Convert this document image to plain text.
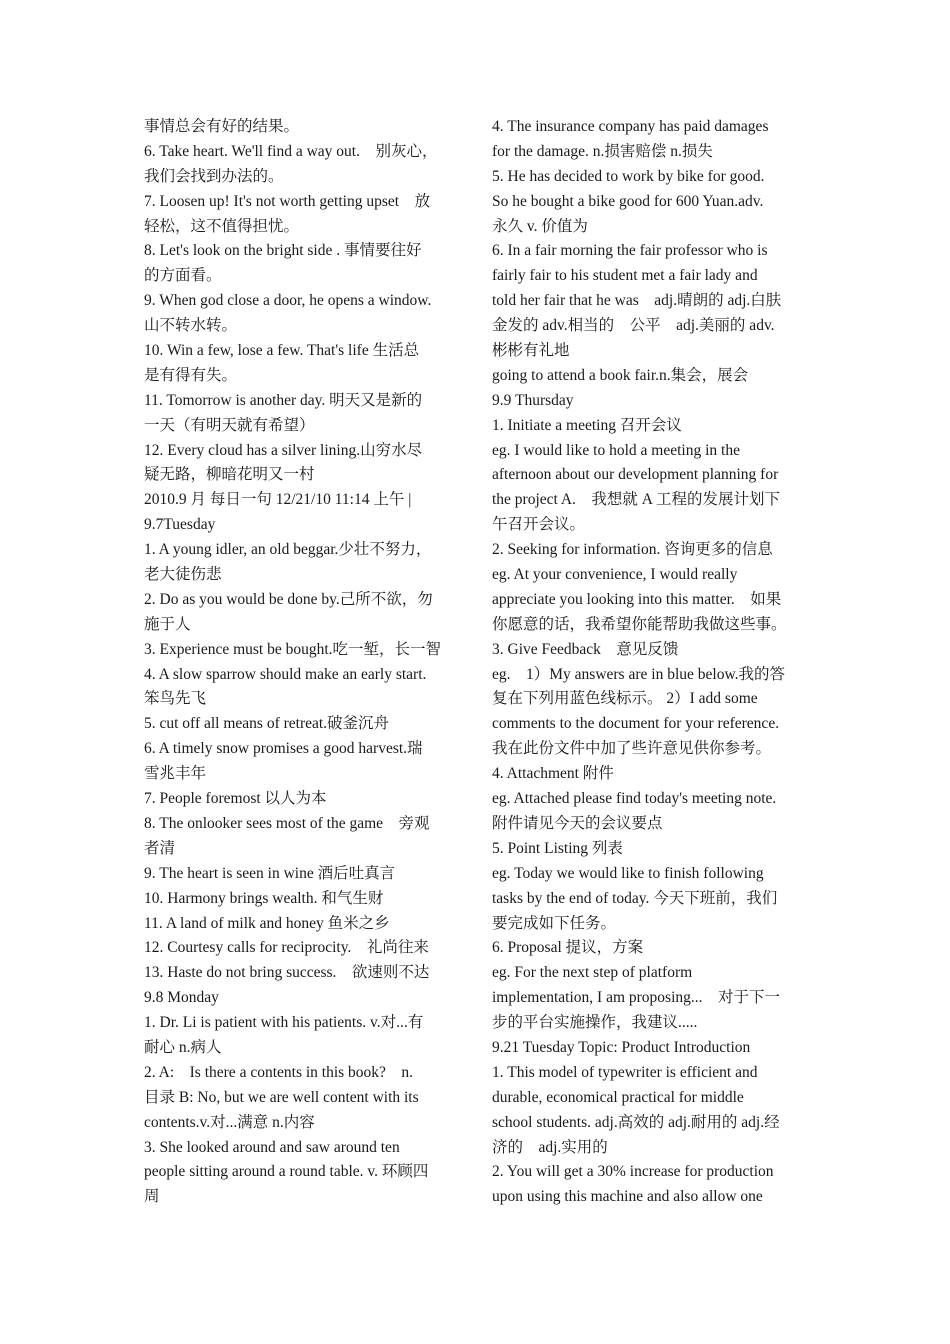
事情总会有好的结果。
6. Take heart. We'll find a way out.　别灰心，
我们会找到办法的。
7. Loosen up! It's not worth getting upset　放
轻松，这不值得担忧。
8. Let's look on the bright side . 事情要往好
的方面看。
9. When god close a door, he opens a window.
山不转水转。
10. Win a few, lose a few. That's life 生活总
是有得有失。
11. Tomorrow is another day. 明天又是新的
一天（有明天就有希望）
12. Every cloud has a silver lining.山穷水尽
疑无路，柳暗花明又一村
2010.9 月 每日一句 12/21/10 11:14 上午 |
9.7Tuesday
1. A young idler, an old beggar.少壮不努力，
老大徒伤悲
2. Do as you would be done by.己所不欲，勿
施于人
3. Experience must be bought.吃一堑，长一智
4. A slow sparrow should make an early start.
笨鸟先飞
5. cut off all means of retreat.破釜沉舟
6. A timely snow promises a good harvest.瑞
雪兆丰年
7. People foremost 以人为本
8. The onlooker sees most of the game　旁观
者清
9. The heart is seen in wine 酒后吐真言
10. Harmony brings wealth. 和气生财
11. A land of milk and honey 鱼米之乡
12. Courtesy calls for reciprocity.　礼尚往来
13. Haste do not bring success.　欲速则不达
9.8 Monday
1. Dr. Li is patient with his patients. v.对...有
耐心 n.病人
2. A:　Is there a contents in this book?　n.
目录 B: No, but we are well content with its
contents.v.对...满意 n.内容
3. She looked around and saw around ten
people sitting around a round table. v. 环顾四
周
4. The insurance company has paid damages
for the damage. n.损害赔偿 n.损失
5. He has decided to work by bike for good.
So he bought a bike good for 600 Yuan.adv.
永久 v. 价值为
6. In a fair morning the fair professor who is
fairly fair to his student met a fair lady and
told her fair that he was　adj.晴朗的 adj.白肤
金发的 adv.相当的　公平　adj.美丽的 adv.
彬彬有礼地
going to attend a book fair.n.集会，展会
9.9 Thursday
1. Initiate a meeting 召开会议
eg. I would like to hold a meeting in the
afternoon about our development planning for
the project A.　我想就 A 工程的发展计划下
午召开会议。
2. Seeking for information. 咨询更多的信息
eg. At your convenience, I would really
appreciate you looking into this matter.　如果
你愿意的话，我希望你能帮助我做这些事。
3. Give Feedback　意见反馈
eg.　1）My answers are in blue below.我的答
复在下列用蓝色线标示。 2）I add some
comments to the document for your reference.
我在此份文件中加了些许意见供你参考。
4. Attachment 附件
eg. Attached please find today's meeting note.
附件请见今天的会议要点
5. Point Listing 列表
eg. Today we would like to finish following
tasks by the end of today. 今天下班前，我们
要完成如下任务。
6. Proposal 提议，方案
eg. For the next step of platform
implementation, I am proposing...　对于下一
步的平台实施操作，我建议.....
9.21 Tuesday Topic: Product Introduction
1. This model of typewriter is efficient and
durable, economical practical for middle
school students. adj.高效的 adj.耐用的 adj.经
济的　adj.实用的
2. You will get a 30% increase for production
upon using this machine and also allow one
